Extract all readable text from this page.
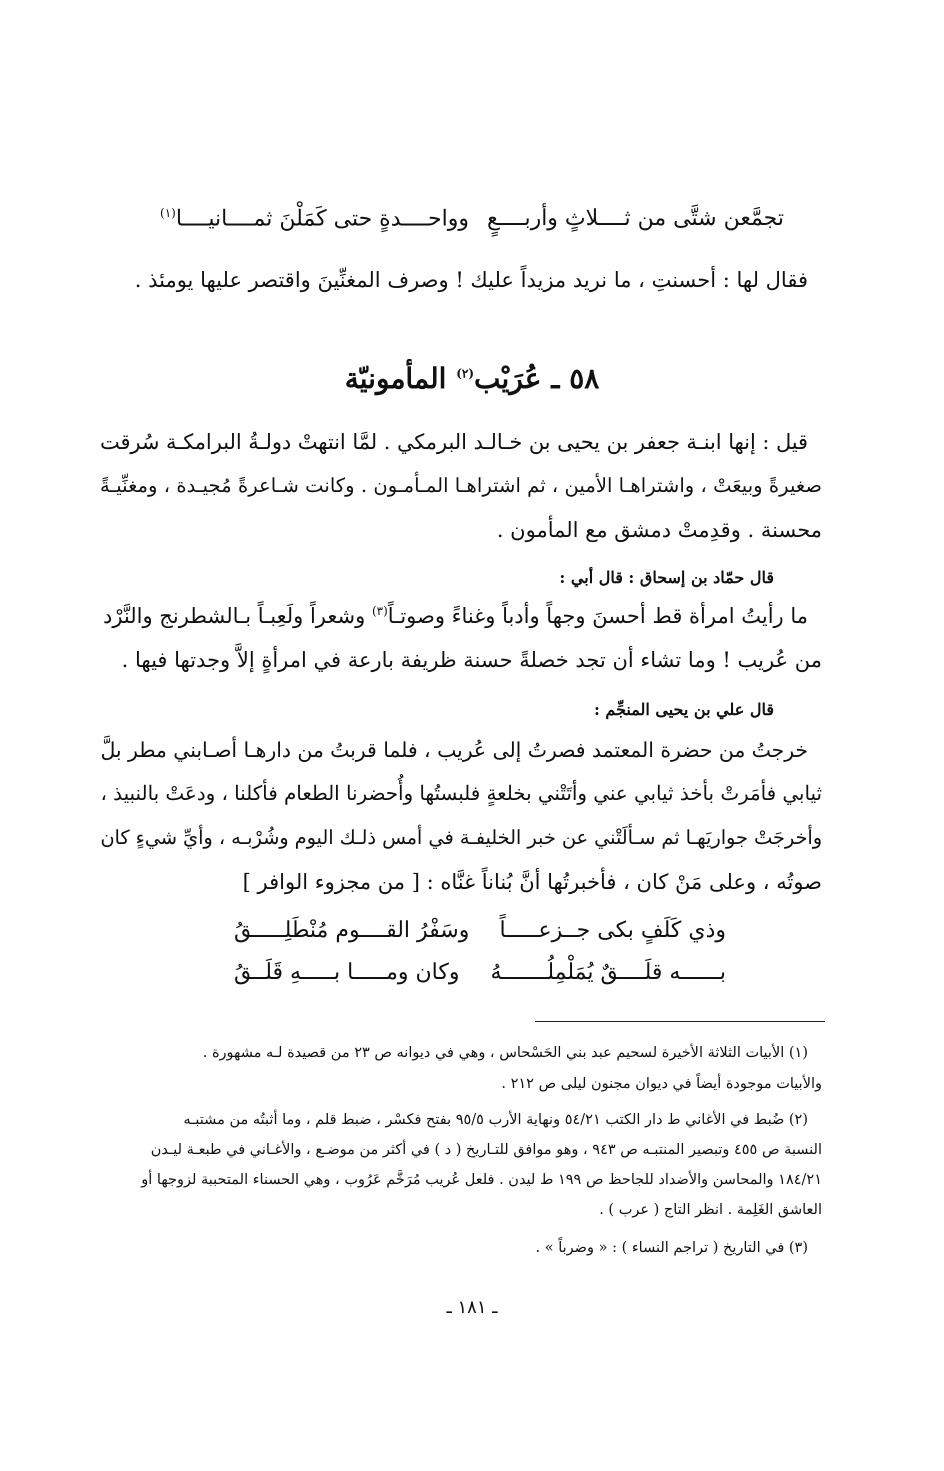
تجمَّعن شتَّى من ثــــلاثٍ وأربــــعٍ
وواحــــدةٍ حتى كَمَلْنَ ثمــــانيــــا$^{(١)}$
فقال لها : أحسنتِ ، ما نريد مزيداً عليك ! وصرف المغنِّينَ واقتصر عليها يومئذ .
٥٨ ـ عُرَيْب$^{(٢)}$ المأمونيّة
قيل : إنها ابنـة جعفر بن يحيى بن خـالـد البرمكي . لمَّا انتهتْ دولـةُ البرامكـة سُرقت
صغيرةً وبيعَتْ ، واشتراهـا الأمين ، ثم اشتراهـا المـأمـون . وكانت شـاعرةً مُجيـدة ، ومغنِّيـةً
محسنة . وقدِمتْ دمشق مع المأمون .
قال حمّاد بن إسحاق : قال أبي :
ما رأيتُ امرأة قط أحسنَ وجهاً وأدباً وغناءً وصوتـاً$^{(٣)}$ وشعراً ولَعِبـاً بـالشطرنج والنَّرْد
من عُريب ! وما تشاء أن تجد خصلةً حسنة ظريفة بارعة في امرأةٍ إلاَّ وجدتها فيها .
قال علي بن يحيى المنجِّم :
خرجتُ من حضرة المعتمد فصرتُ إلى عُريب ، فلما قربتُ من دارهـا أصـابني مطر بلَّ
ثيابي فأمَرتْ بأخذ ثيابي عني وأتَتْني بخلعةٍ فلبستُها وأُحضرنا الطعام فأكلنا ، ودعَتْ بالنبيذ ،
وأخرجَتْ جواريَهـا ثم سـألَتْني عن خبر الخليفـة في أمس ذلـك اليوم وشُرْبـه ، وأيِّ شيءٍ كان
صوتُه ، وعلى مَنْ كان ، فأخبرتُها أنَّ بُناناً غنَّاه : [ من مجزوء الوافر ]
وذي كَلَفٍ بكى جــزعـــــاً
وسَفْرُ القــــوم مُنْطَلِـــــقُ
بــــــه قلَــــقٌ يُمَلْمِلُـــــــهُ
وكان ومـــــا بـــــهِ قَلَــقُ
(١) الأبيات الثلاثة الأخيرة لسحيم عبد بني الحَسْحاس ، وهي في ديوانه ص ٢٣ من قصيدة لـه مشهورة .
والأبيات موجودة أيضاً في ديوان مجنون ليلى ص ٢١٢ .
(٢) ضُبط في الأغاني ط دار الكتب ٥٤/٢١ ونهاية الأرب ٩٥/٥ بفتح فكسْر ، ضبط قلم ، وما أثبتُه من مشتبـه
النسبة ص ٤٥٥ وتبصير المنتبـه ص ٩٤٣ ، وهو موافق للتـاريخ ( د ) في أكثر من موضـع ، والأغـاني في طبعـة ليـدن
١٨٤/٢١ والمحاسن والأضداد للجاحظ ص ١٩٩ ط ليدن . فلعل عُريب مُرَخَّم عَرُوب ، وهي الحسناء المتحببة لزوجها أو
العاشق الغَلِمة . انظر التاج ( عرب ) .
(٣) في التاريخ ( تراجم النساء ) : « وضرباً » .
ـ ١٨١ ـ
